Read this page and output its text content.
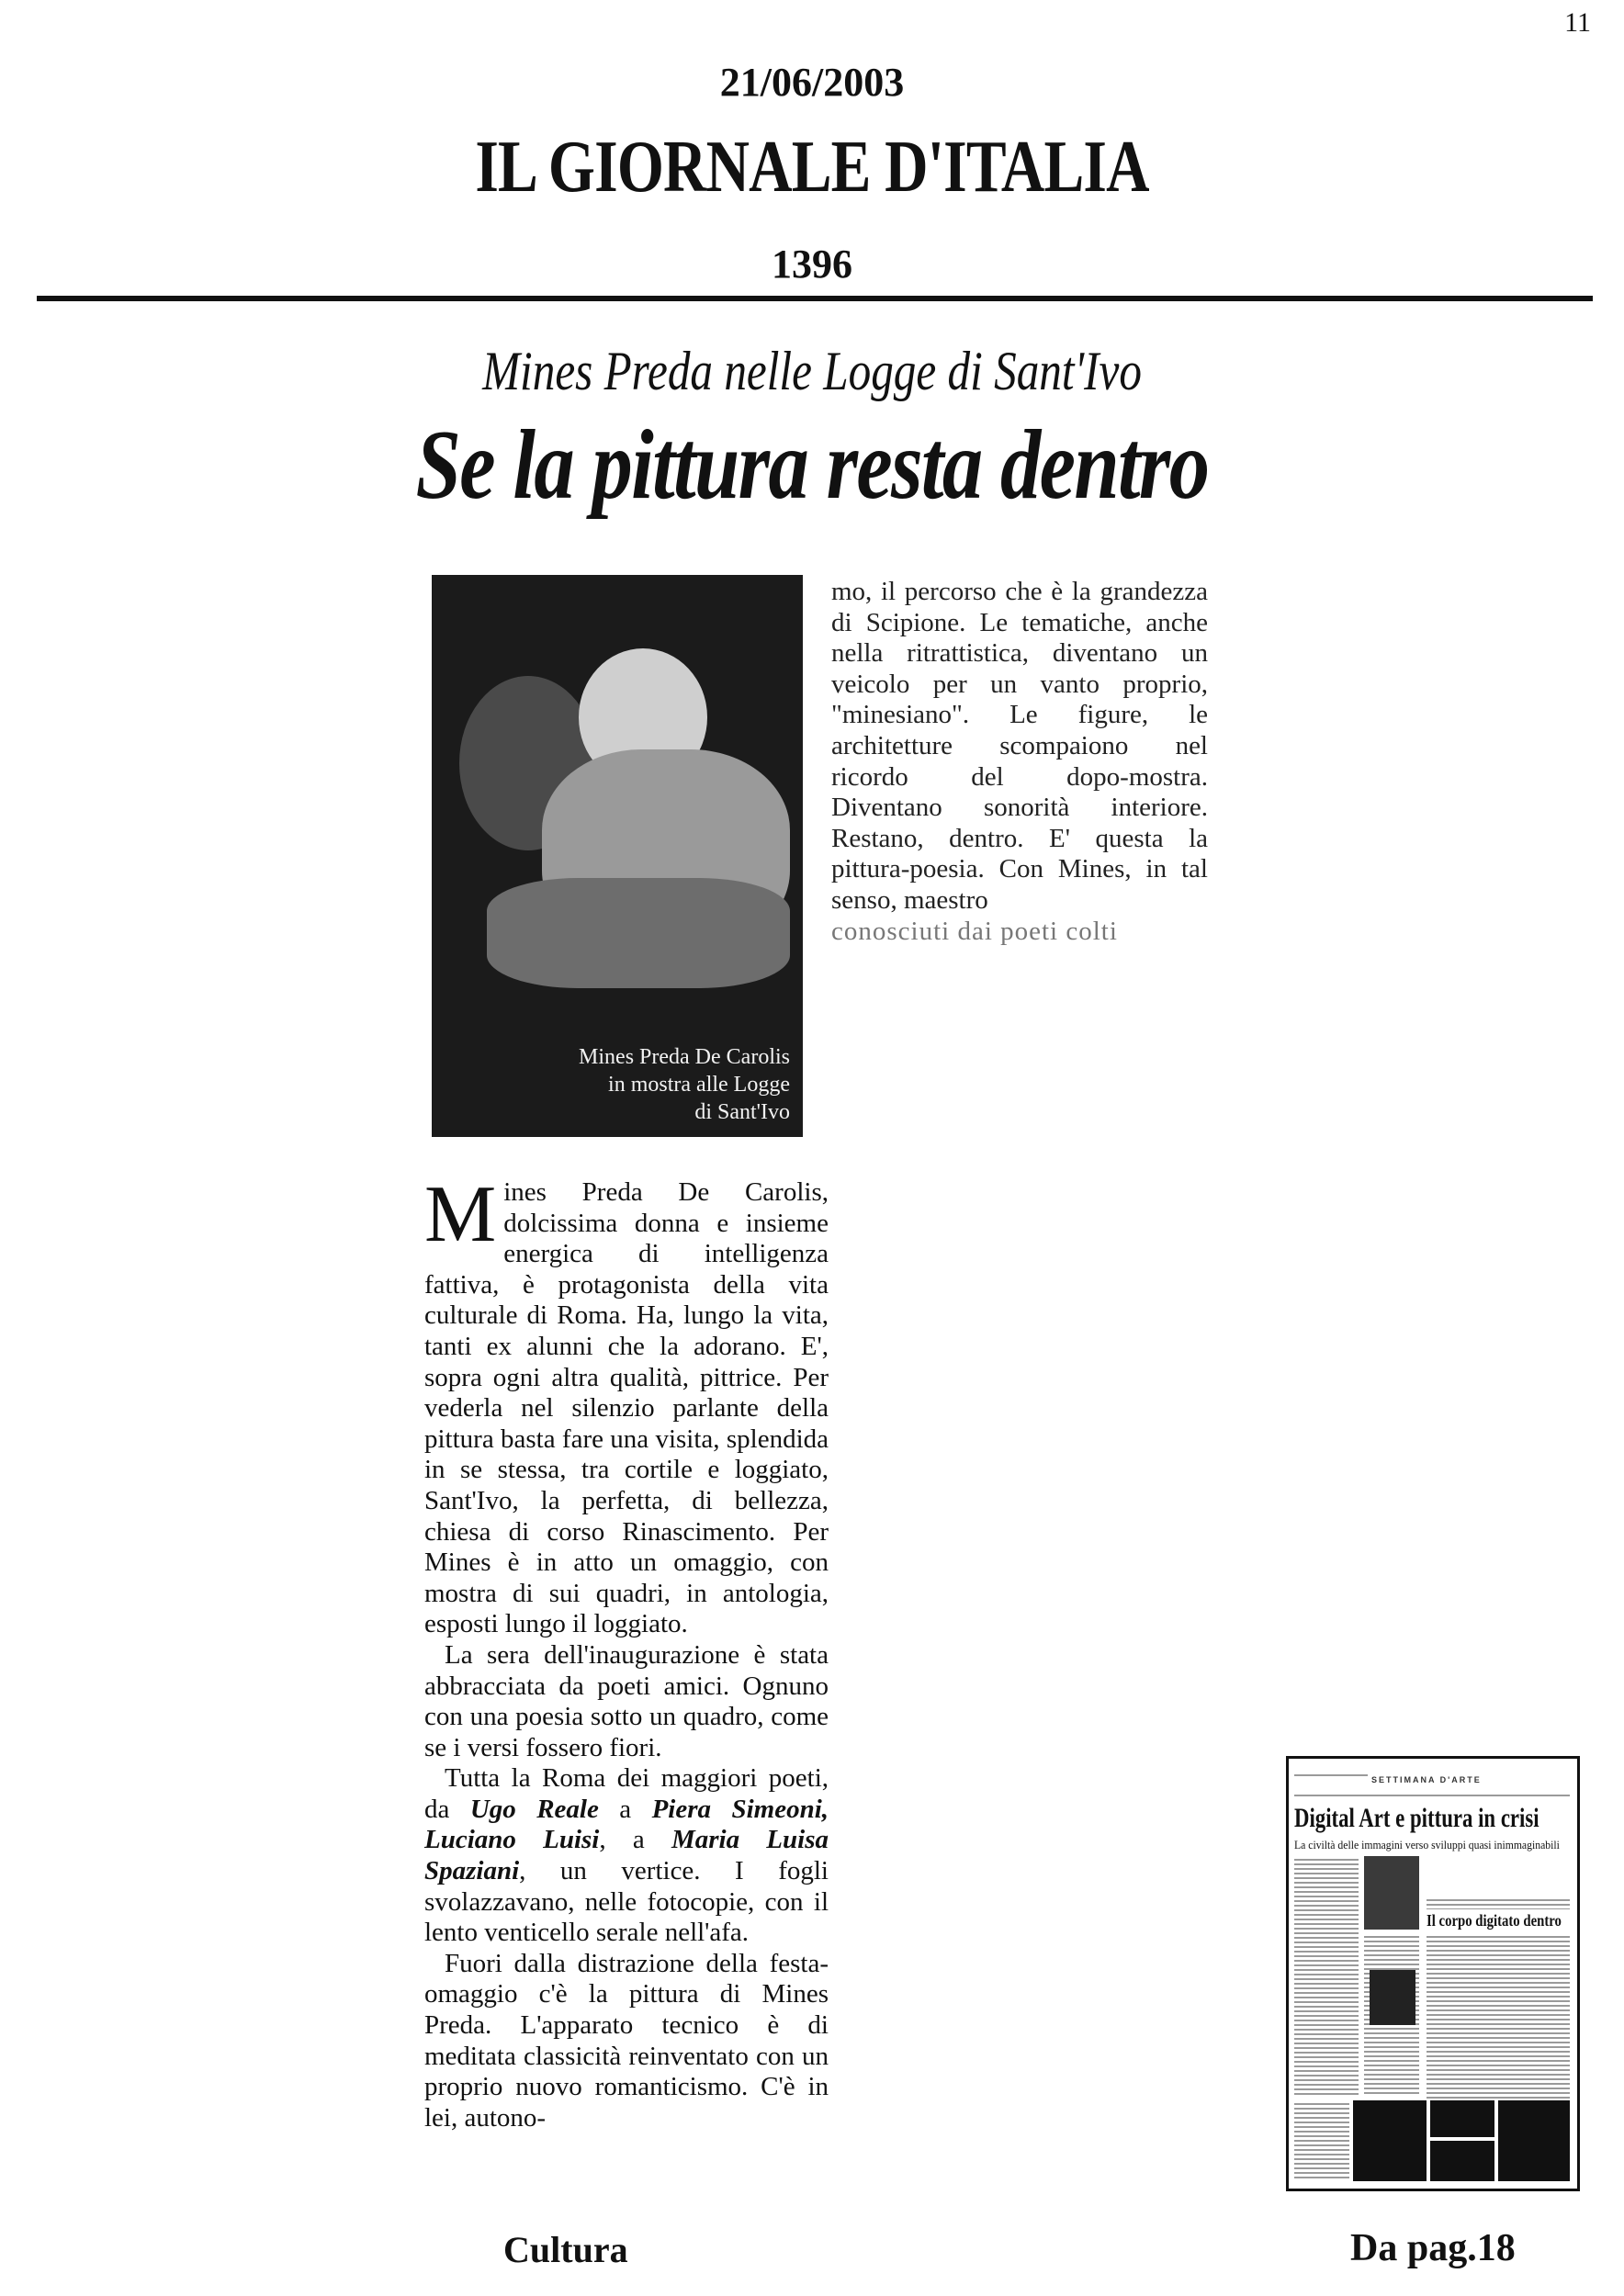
11
21/06/2003
IL GIORNALE D'ITALIA
1396
Mines Preda nelle Logge di Sant'Ivo
Se la pittura resta dentro
Mines Preda De Carolis
in mostra alle Logge
di Sant'Ivo

mo, il percorso che è la grandezza di Scipione. Le tematiche, anche nella ritrattistica, diventano un veicolo per un vanto proprio, "minesiano". Le figure, le architetture scompaiono nel ricordo del dopo-mostra. Diventano sonorità interiore. Restano, dentro. E' questa la pittura-poesia. Con Mines, in tal senso, maestro

conosciuti dai poeti colti

Mines Preda De Carolis, dolcissima donna e insieme energica di intelligenza fattiva, è protagonista della vita culturale di Roma. Ha, lungo la vita, tanti ex alunni che la adorano. E', sopra ogni altra qualità, pittrice. Per vederla nel silenzio parlante della pittura basta fare una visita, splendida in se stessa, tra cortile e loggiato, Sant'Ivo, la perfetta, di bellezza, chiesa di corso Rinascimento. Per Mines è in atto un omaggio, con mostra di sui quadri, in antologia, esposti lungo il loggiato.

La sera dell'inaugurazione è stata abbracciata da poeti amici. Ognuno con una poesia sotto un quadro, come se i versi fossero fiori.

Tutta la Roma dei maggiori poeti, da Ugo Reale a Piera Simeoni, Luciano Luisi, a Maria Luisa Spaziani, un vertice. I fogli svolazzavano, nelle fotocopie, con il lento venticello serale nell'afa.

Fuori dalla distrazione della festa-omaggio c'è la pittura di Mines Preda. L'apparato tecnico è di meditata classicità reinventato con un proprio nuovo romanticismo. C'è in lei, autono-

Cultura
SETTIMANA D'ARTE
Digital Art e pittura in crisi
La civiltà delle immagini verso sviluppi quasi inimmaginabili
Il corpo digitato dentro
Da pag.18
